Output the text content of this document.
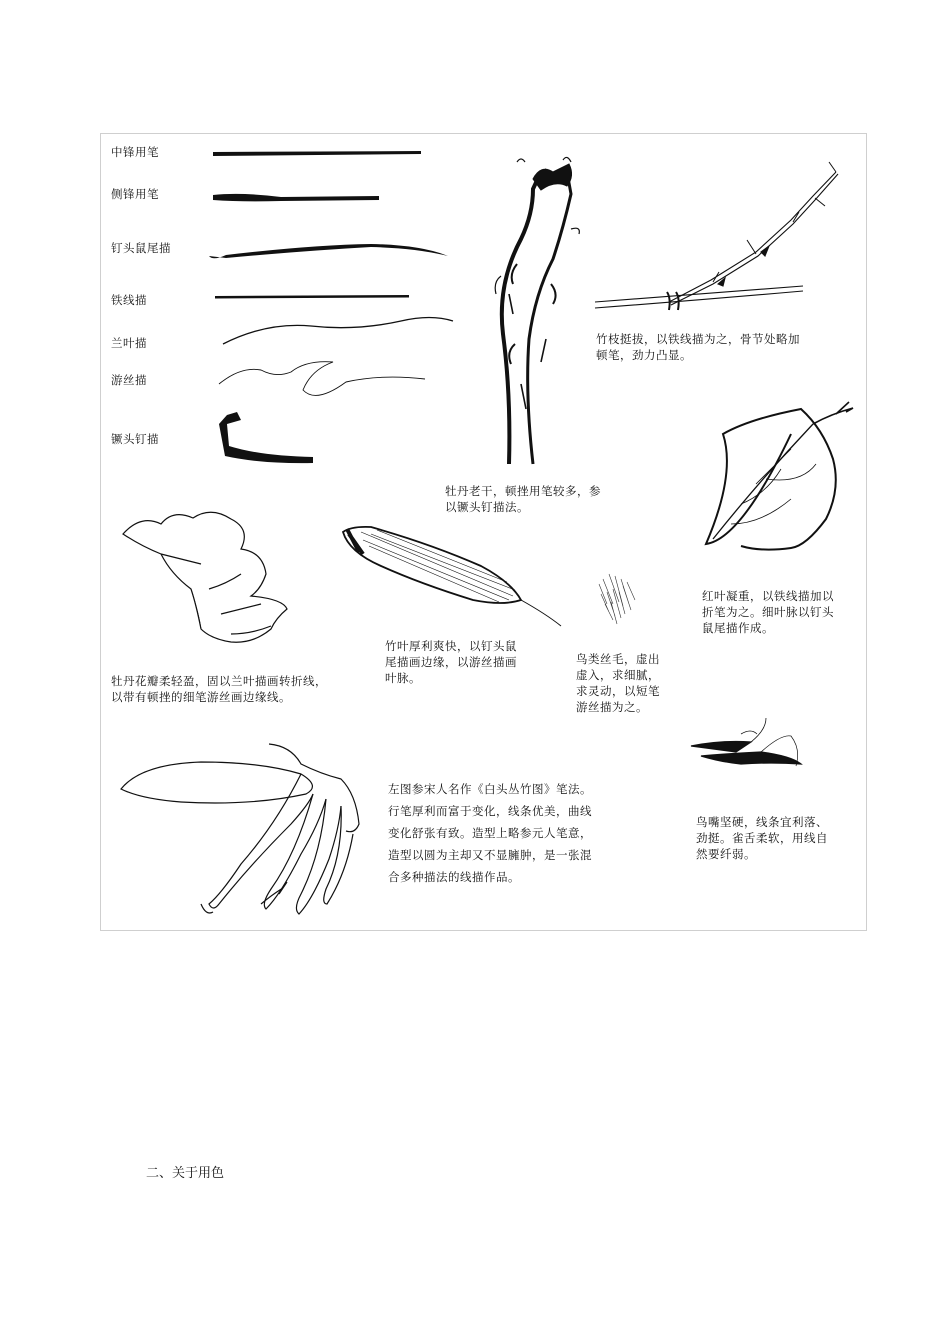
中锋用笔
侧锋用笔
钉头鼠尾描
铁线描
兰叶描
游丝描
镢头钉描
牡丹老干，顿挫用笔较多，参
以镢头钉描法。
竹枝挺拔，以铁线描为之，骨节处略加
顿笔，劲力凸显。
红叶凝重，以铁线描加以
折笔为之。细叶脉以钉头
鼠尾描作成。
牡丹花瓣柔轻盈，固以兰叶描画转折线，
以带有顿挫的细笔游丝画边缘线。
竹叶厚利爽快，以钉头鼠
尾描画边缘，以游丝描画
叶脉。
鸟类丝毛，虚出
虚入，求细腻，
求灵动，以短笔
游丝描为之。
左图参宋人名作《白头丛竹图》笔法。
行笔厚利而富于变化，线条优美，曲线
变化舒张有致。造型上略参元人笔意，
造型以圆为主却又不显臃肿，是一张混
合多种描法的线描作品。
鸟嘴坚硬，线条宜利落、
劲挺。雀舌柔软，用线自
然要纤弱。
二、关于用色
